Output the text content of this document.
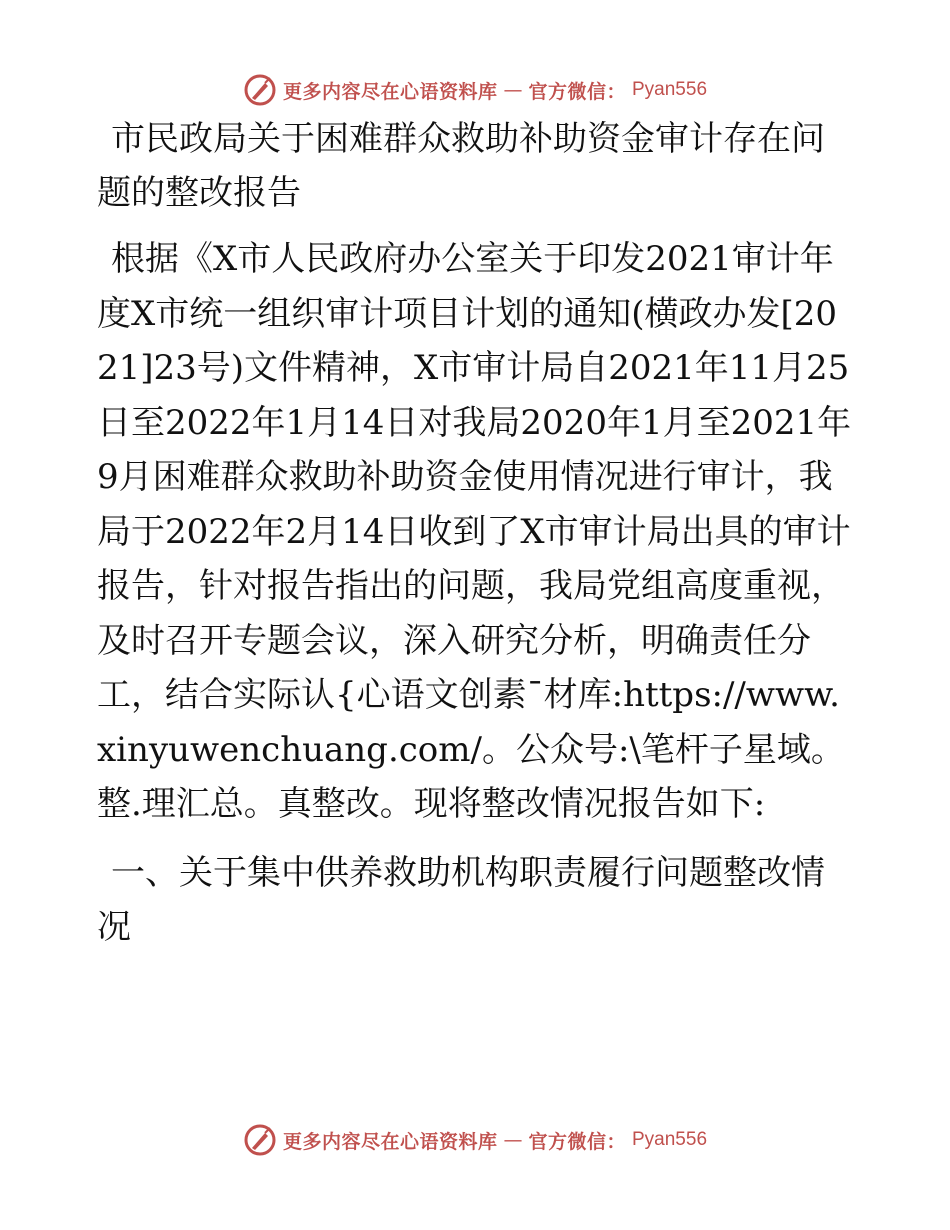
更多内容尽在心语资料库 — 官方微信： Pyan556

市民政局关于困难群众救助补助资金审计存在问题的整改报告

根据《X市人民政府办公室关于印发2021审计年度X市统一组织审计项目计划的通知(横政办发[2021]23号)文件精神，X市审计局自2021年11月25日至2022年1月14日对我局2020年1月至2021年9月困难群众救助补助资金使用情况进行审计，我局于2022年2月14日收到了X市审计局出具的审计报告，针对报告指出的问题，我局党组高度重视，及时召开专题会议，深入研究分析，明确责任分工，结合实际认{心语文创素¯材库:https://www.xinyuwenchuang.com/。公众号:\笔杆子星域。整.理汇总。真整改。现将整改情况报告如下:

一、关于集中供养救助机构职责履行问题整改情况

更多内容尽在心语资料库 — 官方微信： Pyan556
